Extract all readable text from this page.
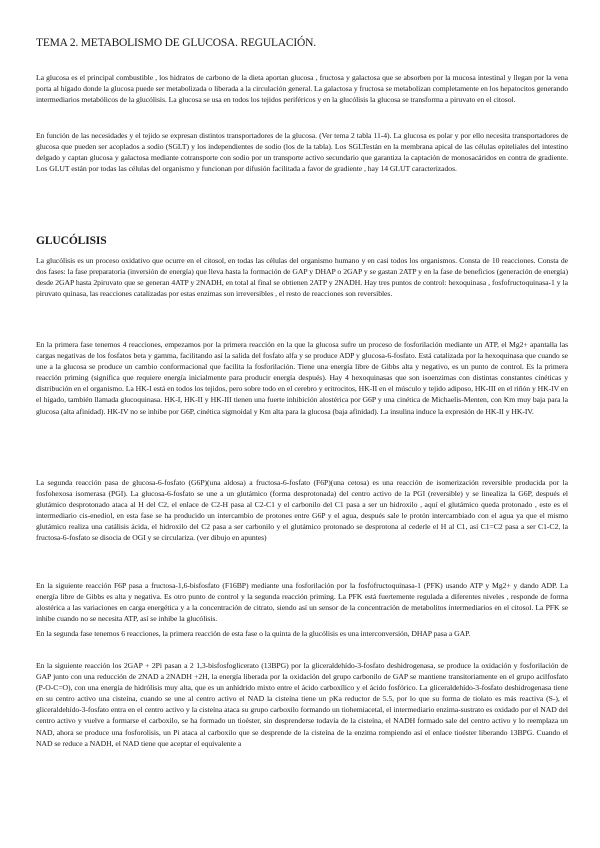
TEMA 2. METABOLISMO DE GLUCOSA. REGULACIÓN.

La glucosa es el principal combustible , los hidratos de carbono de la dieta aportan glucosa , fructosa y galactosa que se absorben por la mucosa intestinal y llegan por la vena porta al hígado donde la glucosa puede ser metabolizada o liberada a la circulación general. La galactosa y fructosa se metabolizan completamente en los hepatocitos generando intermediarios metabólicos de la glucólisis. La glucosa se usa en todos los tejidos periféricos y en la glucólisis la glucosa se transforma a piruvato en el citosol.

En función de las necesidades y el tejido se expresan distintos transportadores de la glucosa. (Ver tema 2 tabla 11-4). La glucosa es polar y por ello necesita transportadores de glucosa que pueden ser acoplados a sodio (SGLT) y los independientes de sodio (los de la tabla). Los SGLTestán en la membrana apical de las células epiteliales del intestino delgado y captan glucosa y galactosa mediante cotransporte con sodio por un transporte activo secundario que garantiza la captación de monosacáridos en contra de gradiente. Los GLUT están por todas las células del organismo y funcionan por difusión facilitada a favor de gradiente , hay 14 GLUT caracterizados.

GLUCÓLISIS

La glucólisis es un proceso oxidativo que ocurre en el citosol, en todas las células del organismo humano y en casi todos los organismos. Consta de 10 reacciones. Consta de dos fases: la fase preparatoria (inversión de energía) que lleva hasta la formación de GAP y DHAP o 2GAP y se gastan 2ATP y en la fase de beneficios (generación de energía) desde 2GAP hasta 2piruvato que se generan 4ATP y 2NADH, en total al final se obtienen 2ATP y 2NADH. Hay tres puntos de control: hexoquinasa , fosfofructoquinasa-1 y la piruvato quinasa, las reacciones catalizadas por estas enzimas son irreversibles , el resto de reacciones son reversibles.

En la primera fase tenemos 4 reacciones, empezamos por la primera reacción en la que la glucosa sufre un proceso de fosforilación mediante un ATP, el Mg2+ apantalla las cargas negativas de los fosfatos beta y gamma, facilitando así la salida del fosfato alfa y se produce ADP y glucosa-6-fosfato. Está catalizada por la hexoquinasa que cuando se une a la glucosa se produce un cambio conformacional que facilita la fosforilación. Tiene una energía libre de Gibbs alta y negativo, es un punto de control. Es la primera reacción priming (significa que requiere energía inicialmente para producir energía después). Hay 4 hexoquinasas que son isoenzimas con distintas constantes cinéticas y distribución en el organismo. La HK-I está en todos los tejidos, pero sobre todo en el cerebro y eritrocitos, HK-II en el músculo y tejido adiposo, HK-III en el riñón y HK-IV en el hígado, también llamada glucoquinasa. HK-I, HK-II y HK-III tienen una fuerte inhibición alostérica por G6P y una cinética de Michaelis-Menten, con Km muy baja para la glucosa (alta afinidad). HK-IV no se inhibe por G6P, cinética sigmoidal y Km alta para la glucosa (baja afinidad). La insulina induce la expresión de HK-II y HK-IV.

La segunda reacción pasa de glucosa-6-fosfato (G6P)(una aldosa) a fructosa-6-fosfato (F6P)(una cetosa) es una reacción de isomerización reversible producida por la fosfohexosa isomerasa (PGI). La glucosa-6-fosfato se une a un glutámico (forma desprotonada) del centro activo de la PGI (reversible) y se linealiza la G6P, después el glutámico desprotonado ataca al H del C2, el enlace de C2-H pasa al C2-C1 y el carbonilo del C1 pasa a ser un hidroxilo , aquí el glutámico queda protonado , este es el intermediario cis-enediol, en esta fase se ha producido un intercambio de protones entre G6P y el agua, después sale le protón intercambiado con el agua ya que el mismo glutámico realiza una catálisis ácida, el hidroxilo del C2 pasa a ser carbonilo y el glutámico protonado se desprotona al cederle el H al C1, así C1=C2 pasa a ser C1-C2, la fructosa-6-fosfato se disocia de OGI y se circulariza. (ver dibujo en apuntes)

En la siguiente reacción F6P pasa a fructosa-1,6-bisfosfato (F16BP) mediante una fosforilación por la fosfofructoquinasa-1 (PFK) usando ATP y Mg2+ y dando ADP. La energía libre de Gibbs es alta y negativa. Es otro punto de control y la segunda reacción priming. La PFK está fuertemente regulada a diferentes niveles , responde de forma alostérica a las variaciones en carga energética y a la concentración de citrato, siendo así un sensor de la concentración de metabolitos intermediarios en el citosol. La PFK se inhibe cuando no se necesita ATP, así se inhibe la glucólisis.

En la segunda fase tenemos 6 reacciones, la primera reacción de esta fase o la quinta de la glucólisis es una interconversión, DHAP pasa a GAP.

En la siguiente reacción los 2GAP + 2Pi pasan a 2 1,3-bisfosfoglicerato (13BPG) por la gliceraldehído-3-fosfato deshidrogenasa, se produce la oxidación y fosforilación de GAP junto con una reducción de 2NAD a 2NADH +2H, la energía liberada por la oxidación del grupo carbonilo de GAP se mantiene transitoriamente en el grupo acilfosfato (P-O-C=O), con una energía de hidrólisis muy alta, que es un anhídrido mixto entre el ácido carboxílico y el ácido fosfórico. La gliceraldehído-3-fosfato deshidrogenasa tiene en su centro activo una cisteína, cuando se une al centro activo el NAD la cisteína tiene un pKa reductor de 5.5, por lo que su forma de tiolato es más reactiva (S-), el gliceraldehído-3-fosfato entra en el centro activo y la cisteína ataca su grupo carboxilo formando un tiohemiacetal, el intermediario enzima-sustrato es oxidado por el NAD del centro activo y vuelve a formarse el carboxilo, se ha formado un tioéster, sin desprenderse todavía de la cisteína, el NADH formado sale del centro activo y lo reemplaza un NAD, ahora se produce una fosforolisis, un Pi ataca al carboxilo que se desprende de la cisteína de la enzima rompiendo así el enlace tioéster liberando 13BPG. Cuando el NAD se reduce a NADH, el NAD tiene que aceptar el equivalente a
